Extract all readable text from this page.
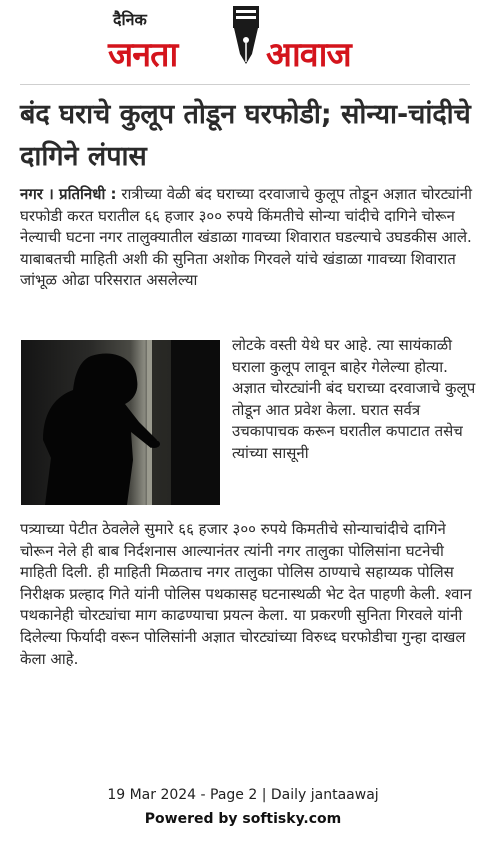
दैनिक
जनता	आवाज
बंद घराचे कुलूप तोडून घरफोडी; सोन्या-चांदीचे दागिने लंपास

नगर । प्रतिनिधी : रात्रीच्या वेळी बंद घराच्या दरवाजाचे कुलूप तोडून अज्ञात चोरट्यांनी घरफोडी करत घरातील ६६ हजार ३०० रुपये किंमतीचे सोन्या चांदीचे दागिने चोरून नेल्याची घटना नगर तालुक्यातील खंडाळा गावच्या शिवारात घडल्याचे उघडकीस आले. याबाबतची माहिती अशी की सुनिता अशोक गिरवले यांचे खंडाळा गावच्या शिवारात जांभूळ ओढा परिसरात असलेल्या

लोटके वस्ती येथे घर आहे. त्या सायंकाळी घराला कुलूप लावून बाहेर गेलेल्या होत्या. अज्ञात चोरट्यांनी बंद घराच्या दरवाजाचे कुलूप तोडून आत प्रवेश केला. घरात सर्वत्र उचकापाचक करून घरातील कपाटात तसेच त्यांच्या सासूनी

पत्र्याच्या पेटीत ठेवलेले सुमारे ६६ हजार ३०० रुपये किमतीचे सोन्याचांदीचे दागिने चोरून नेले ही बाब निर्दशनास आल्यानंतर त्यांनी नगर तालुका पोलिसांना घटनेची माहिती दिली. ही माहिती मिळताच नगर तालुका पोलिस ठाण्याचे सहाय्यक पोलिस निरीक्षक प्रल्हाद गिते यांनी पोलिस पथकासह घटनास्थळी भेट देत पाहणी केली. श्वान पथकानेही चोरट्यांचा माग काढण्याचा प्रयत्न केला. या प्रकरणी सुनिता गिरवले यांनी दिलेल्या फिर्यादी वरून पोलिसांनी अज्ञात चोरट्यांच्या विरुध्द घरफोडीचा गुन्हा दाखल केला आहे.

19 Mar 2024 - Page 2 | Daily jantaawaj
Powered by softisky.com
